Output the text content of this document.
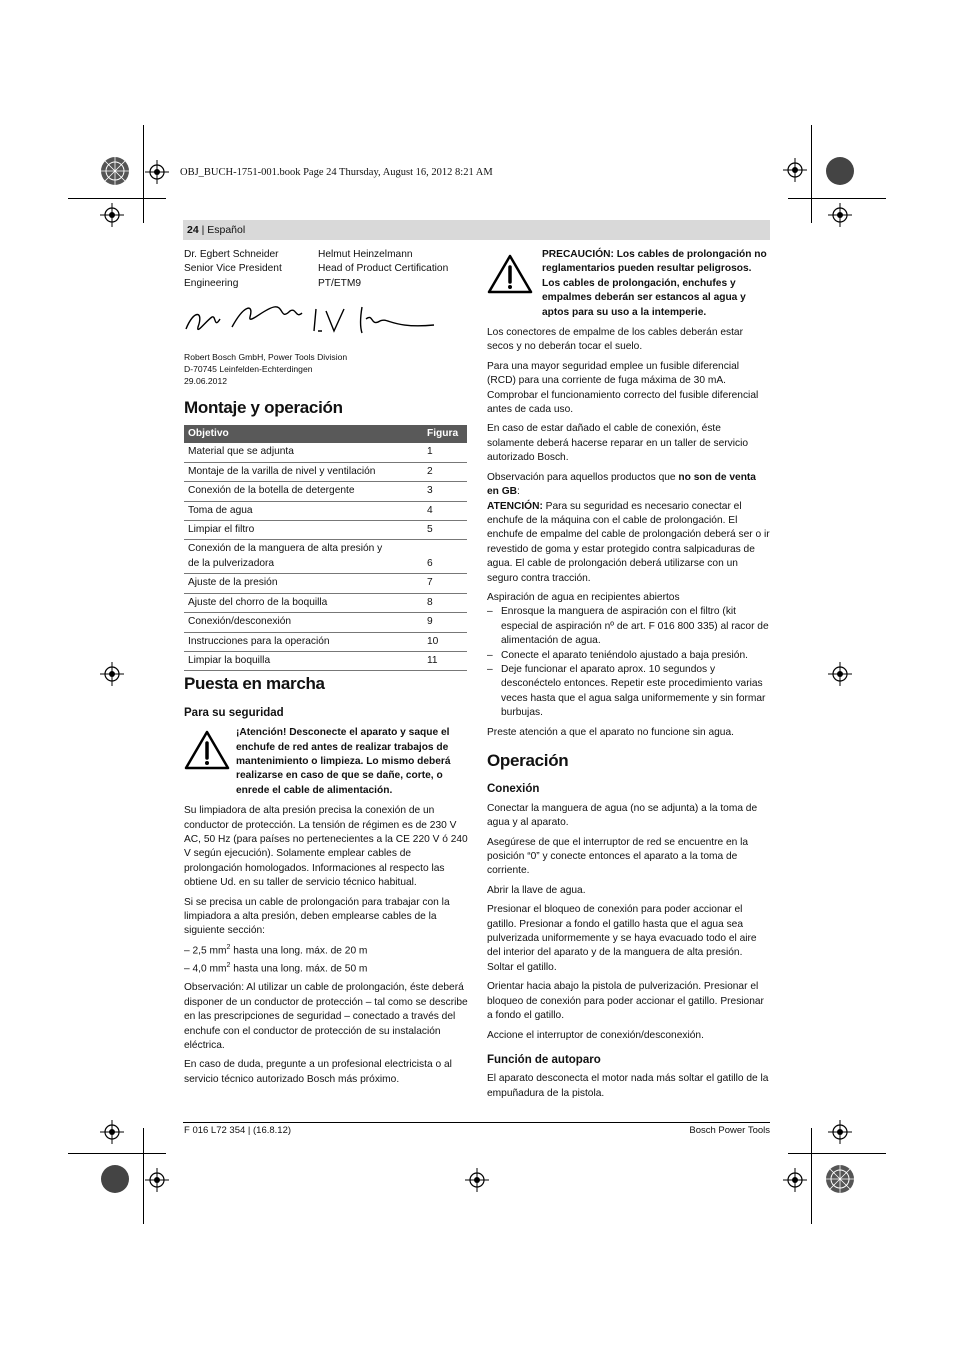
OBJ_BUCH-1751-001.book Page 24 Thursday, August 16, 2012 8:21 AM
24 | Español
Dr. Egbert Schneider
Senior Vice President
Engineering
Helmut Heinzelmann
Head of Product Certification
PT/ETM9
Robert Bosch GmbH, Power Tools Division
D-70745 Leinfelden-Echterdingen
29.06.2012
Montaje y operación
Objetivo	Figura
Material que se adjunta	1
Montaje de la varilla de nivel y ventilación	2
Conexión de la botella de detergente	3
Toma de agua	4
Limpiar el filtro	5
Conexión de la manguera de alta presión y de la pulverizadora	6
Ajuste de la presión	7
Ajuste del chorro de la boquilla	8
Conexión/desconexión	9
Instrucciones para la operación	10
Limpiar la boquilla	11
Puesta en marcha
Para su seguridad
¡Atención! Desconecte el aparato y saque el enchufe de red antes de realizar trabajos de mantenimiento o limpieza. Lo mismo deberá realizarse en caso de que se dañe, corte, o enrede el cable de alimentación.

Su limpiadora de alta presión precisa la conexión de un conductor de protección. La tensión de régimen es de 230 V AC, 50 Hz (para países no pertenecientes a la CE 220 V ó 240 V según ejecución). Solamente emplear cables de prolongación homologados. Informaciones al respecto las obtiene Ud. en su taller de servicio técnico habitual.

Si se precisa un cable de prolongación para trabajar con la limpiadora a alta presión, deben emplearse cables de la siguiente sección:

– 2,5 $mm^2$ hasta una long. máx. de 20 m
– 4,0 $mm^2$ hasta una long. máx. de 50 m

Observación: Al utilizar un cable de prolongación, éste deberá disponer de un conductor de protección – tal como se describe en las prescripciones de seguridad – conectado a través del enchufe con el conductor de protección de su instalación eléctrica.

En caso de duda, pregunte a un profesional electricista o al servicio técnico autorizado Bosch más próximo.

PRECAUCIÓN: Los cables de prolongación no reglamentarios pueden resultar peligrosos. Los cables de prolongación, enchufes y empalmes deberán ser estancos al agua y aptos para su uso a la intemperie.

Los conectores de empalme de los cables deberán estar secos y no deberán tocar el suelo.

Para una mayor seguridad emplee un fusible diferencial (RCD) para una corriente de fuga máxima de 30 mA. Comprobar el funcionamiento correcto del fusible diferencial antes de cada uso.

En caso de estar dañado el cable de conexión, éste solamente deberá hacerse reparar en un taller de servicio autorizado Bosch.

Observación para aquellos productos que no son de venta en GB:

ATENCIÓN: Para su seguridad es necesario conectar el enchufe de la máquina con el cable de prolongación. El enchufe de empalme del cable de prolongación deberá ser o ir revestido de goma y estar protegido contra salpicaduras de agua. El cable de prolongación deberá utilizarse con un seguro contra tracción.

Aspiración de agua en recipientes abiertos

– Enrosque la manguera de aspiración con el filtro (kit especial de aspiración nº de art. F 016 800 335) al racor de alimentación de agua.
– Conecte el aparato teniéndolo ajustado a baja presión.
– Deje funcionar el aparato aprox. 10 segundos y desconéctelo entonces. Repetir este procedimiento varias veces hasta que el agua salga uniformemente y sin formar burbujas.

Preste atención a que el aparato no funcione sin agua.

Operación
Conexión

Conectar la manguera de agua (no se adjunta) a la toma de agua y al aparato.

Asegúrese de que el interruptor de red se encuentre en la posición “0” y conecte entonces el aparato a la toma de corriente.

Abrir la llave de agua.

Presionar el bloqueo de conexión para poder accionar el gatillo. Presionar a fondo el gatillo hasta que el agua sea pulverizada uniformemente y se haya evacuado todo el aire del interior del aparato y de la manguera de alta presión. Soltar el gatillo.

Orientar hacia abajo la pistola de pulverización. Presionar el bloqueo de conexión para poder accionar el gatillo. Presionar a fondo el gatillo.

Accione el interruptor de conexión/desconexión.

Función de autoparo

El aparato desconecta el motor nada más soltar el gatillo de la empuñadura de la pistola.

F 016 L72 354 | (16.8.12)	Bosch Power Tools
